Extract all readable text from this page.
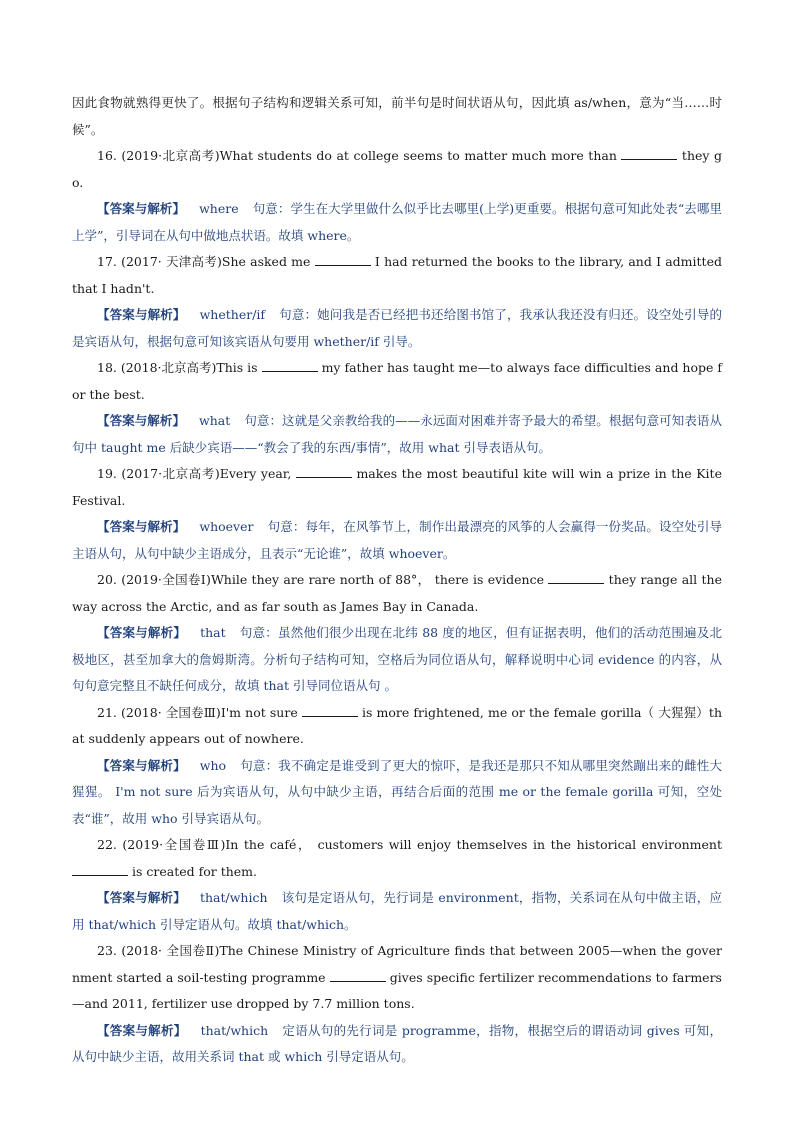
因此食物就熟得更快了。根据句子结构和逻辑关系可知，前半句是时间状语从句，因此填 as/when，意为“当……时候”。

16. (2019·北京高考)What students do at college seems to matter much more than	they go.

【答案与解析】 where 句意：学生在大学里做什么似乎比去哪里(上学)更重要。根据句意可知此处表“去哪里上学”，引导词在从句中做地点状语。故填 where。

17. (2017· 天津高考)She asked me	I had returned the books to the library, and I admitted that I hadn't.

【答案与解析】 whether/if 句意：她问我是否已经把书还给图书馆了，我承认我还没有归还。设空处引导的是宾语从句，根据句意可知该宾语从句要用 whether/if 引导。

18. (2018·北京高考)This is	my father has taught me—to always face difficulties and hope for the best.

【答案与解析】 what 句意：这就是父亲教给我的——永远面对困难并寄予最大的希望。根据句意可知表语从句中 taught me 后缺少宾语——“教会了我的东西/事情”，故用 what 引导表语从句。

19. (2017·北京高考)Every year,	makes the most beautiful kite will win a prize in the Kite Festival.

【答案与解析】 whoever 句意：每年，在风筝节上，制作出最漂亮的风筝的人会赢得一份奖品。设空处引导主语从句，从句中缺少主语成分，且表示“无论谁”，故填 whoever。

20. (2019·全国卷Ⅰ)While they are rare north of 88°， there is evidence	they range all the way across the Arctic, and as far south as James Bay in Canada.

【答案与解析】 that 句意：虽然他们很少出现在北纬 88 度的地区，但有证据表明，他们的活动范围遍及北极地区，甚至加拿大的詹姆斯湾。分析句子结构可知，空格后为同位语从句，解释说明中心词 evidence 的内容，从句句意完整且不缺任何成分，故填 that 引导同位语从句 。

21. (2018· 全国卷Ⅲ)I'm not sure	is more frightened, me or the female gorilla（ 大猩猩）that suddenly appears out of nowhere.

【答案与解析】 who 句意：我不确定是谁受到了更大的惊吓，是我还是那只不知从哪里突然蹦出来的雌性大猩猩。 I'm not sure 后为宾语从句，从句中缺少主语，再结合后面的范围 me or the female gorilla 可知，空处表“谁”，故用 who 引导宾语从句。

22. (2019·全国卷Ⅲ)In the café， customers will enjoy themselves in the historical environment  is created for them.

【答案与解析】 that/which 该句是定语从句，先行词是 environment，指物，关系词在从句中做主语，应用 that/which 引导定语从句。故填 that/which。

23. (2018· 全国卷Ⅱ)The Chinese Ministry of Agriculture finds that between 2005—when the government started a soil-testing programme	gives specific fertilizer recommendations to farmers—and 2011, fertilizer use dropped by 7.7 million tons.

【答案与解析】 that/which 定语从句的先行词是 programme，指物，根据空后的谓语动词 gives 可知，从句中缺少主语，故用关系词 that 或 which 引导定语从句。
